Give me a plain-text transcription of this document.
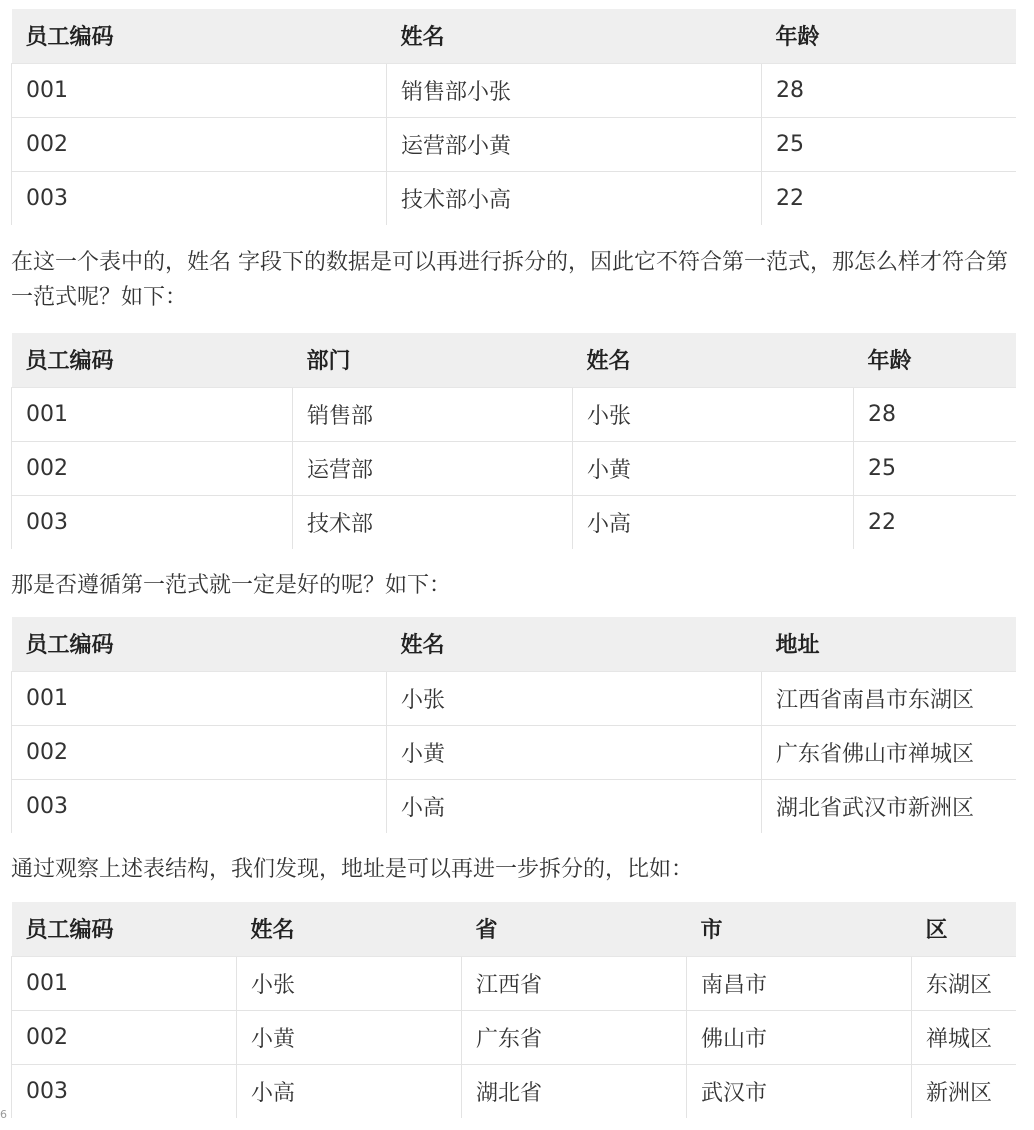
员工编码	姓名	年龄
001	销售部小张	28
002	运营部小黄	25
003	技术部小高	22

在这一个表中的，姓名 字段下的数据是可以再进行拆分的，因此它不符合第一范式，那怎么样才符合第一范式呢？如下：

员工编码	部门	姓名	年龄
001	销售部	小张	28
002	运营部	小黄	25
003	技术部	小高	22

那是否遵循第一范式就一定是好的呢？如下：

员工编码	姓名	地址
001	小张	江西省南昌市东湖区
002	小黄	广东省佛山市禅城区
003	小高	湖北省武汉市新洲区

通过观察上述表结构，我们发现，地址是可以再进一步拆分的，比如：

员工编码	姓名	省	市	区
001	小张	江西省	南昌市	东湖区
002	小黄	广东省	佛山市	禅城区
003	小高	湖北省	武汉市	新洲区
6
